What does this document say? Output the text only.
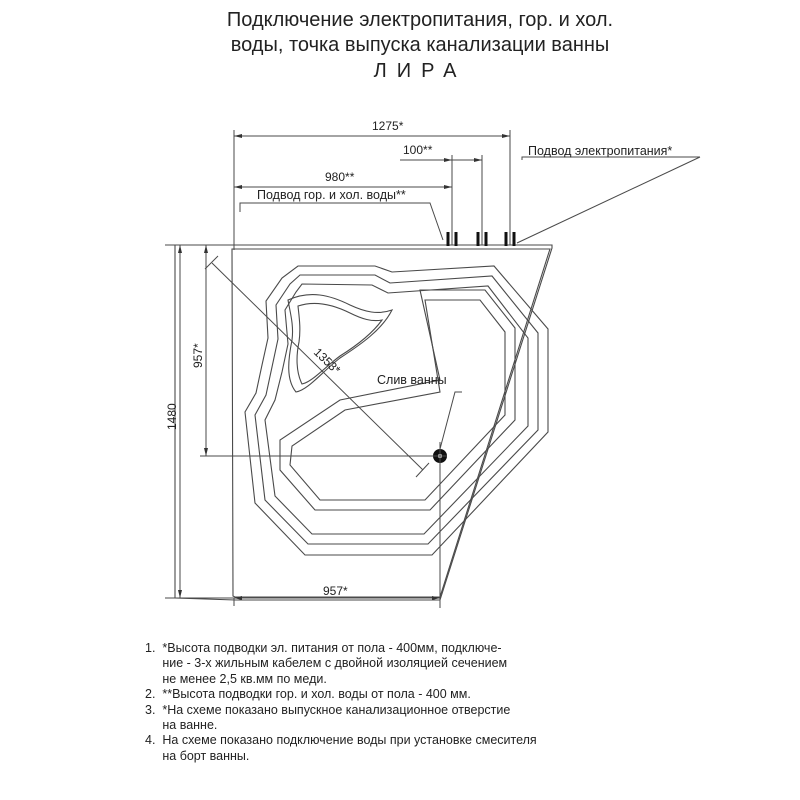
Подключение электропитания, гор. и хол.
воды, точка выпуска канализации ванны
ЛИРА
1275*
100**
980**
Подвод гор. и хол. воды**
Подвод электропитания*
Слив ванны
957*
1480
957*	1353*
1.  *Высота подводки эл. питания от пола - 400мм, подключе-
ние - 3-х жильным кабелем с двойной изоляцией сечением
не менее 2,5 кв.мм по меди.
2.  **Высота подводки гор. и хол. воды от пола - 400 мм.
3.  *На схеме показано выпускное канализационное отверстие
на ванне.
4.  На схеме показано подключение воды при установке смесителя
на борт ванны.
